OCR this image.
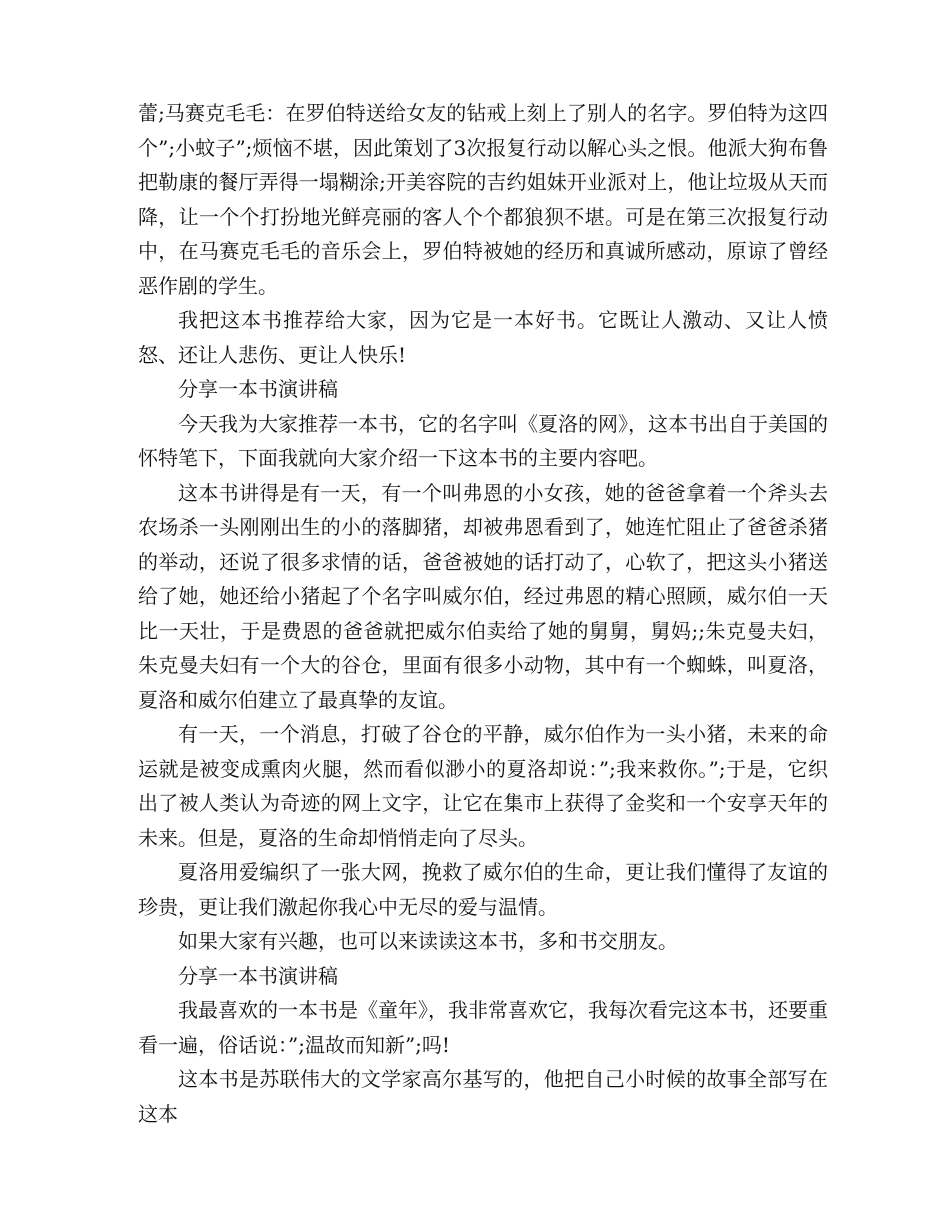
蕾;马赛克毛毛：在罗伯特送给女友的钻戒上刻上了别人的名字。罗伯特为这四个”;小蚊子”;烦恼不堪，因此策划了3次报复行动以解心头之恨。他派大狗布鲁把勒康的餐厅弄得一塌糊涂;开美容院的吉约姐妹开业派对上，他让垃圾从天而降，让一个个打扮地光鲜亮丽的客人个个都狼狈不堪。可是在第三次报复行动中，在马赛克毛毛的音乐会上，罗伯特被她的经历和真诚所感动，原谅了曾经恶作剧的学生。

我把这本书推荐给大家，因为它是一本好书。它既让人激动、又让人愤怒、还让人悲伤、更让人快乐!

分享一本书演讲稿

今天我为大家推荐一本书，它的名字叫《夏洛的网》，这本书出自于美国的怀特笔下，下面我就向大家介绍一下这本书的主要内容吧。

这本书讲得是有一天，有一个叫弗恩的小女孩，她的爸爸拿着一个斧头去农场杀一头刚刚出生的小的落脚猪，却被弗恩看到了，她连忙阻止了爸爸杀猪的举动，还说了很多求情的话，爸爸被她的话打动了，心软了，把这头小猪送给了她，她还给小猪起了个名字叫威尔伯，经过弗恩的精心照顾，威尔伯一天比一天壮，于是费恩的爸爸就把威尔伯卖给了她的舅舅，舅妈;;朱克曼夫妇，朱克曼夫妇有一个大的谷仓，里面有很多小动物，其中有一个蜘蛛，叫夏洛，夏洛和威尔伯建立了最真挚的友谊。

有一天，一个消息，打破了谷仓的平静，威尔伯作为一头小猪，未来的命运就是被变成熏肉火腿，然而看似渺小的夏洛却说：”;我来救你。”;于是，它织出了被人类认为奇迹的网上文字，让它在集市上获得了金奖和一个安享天年的未来。但是，夏洛的生命却悄悄走向了尽头。

夏洛用爱编织了一张大网，挽救了威尔伯的生命，更让我们懂得了友谊的珍贵，更让我们激起你我心中无尽的爱与温情。

如果大家有兴趣，也可以来读读这本书，多和书交朋友。

分享一本书演讲稿

我最喜欢的一本书是《童年》，我非常喜欢它，我每次看完这本书，还要重看一遍，俗话说：”;温故而知新”;吗!

这本书是苏联伟大的文学家高尔基写的，他把自己小时候的故事全部写在这本
